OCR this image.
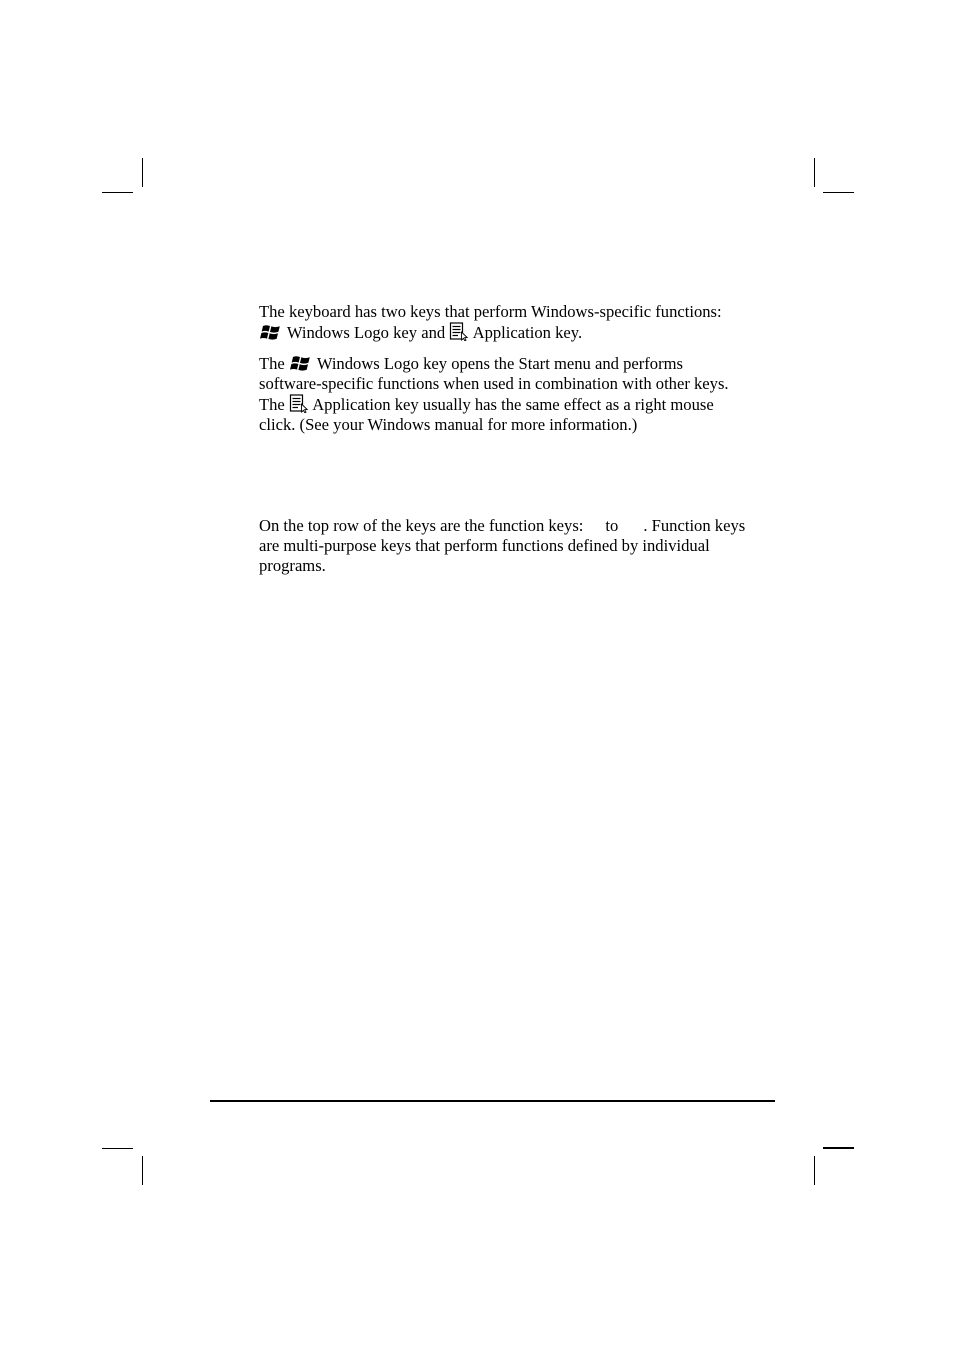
The keyboard has two keys that perform Windows-specific functions:
Windows Logo key and Application key.
The Windows Logo key opens the Start menu and performs
software-specific functions when used in combination with other keys.
The Application key usually has the same effect as a right mouse
click. (See your Windows manual for more information.)
On the top row of the keys are the function keys: to . Function keys
are multi-purpose keys that perform functions defined by individual
programs.
